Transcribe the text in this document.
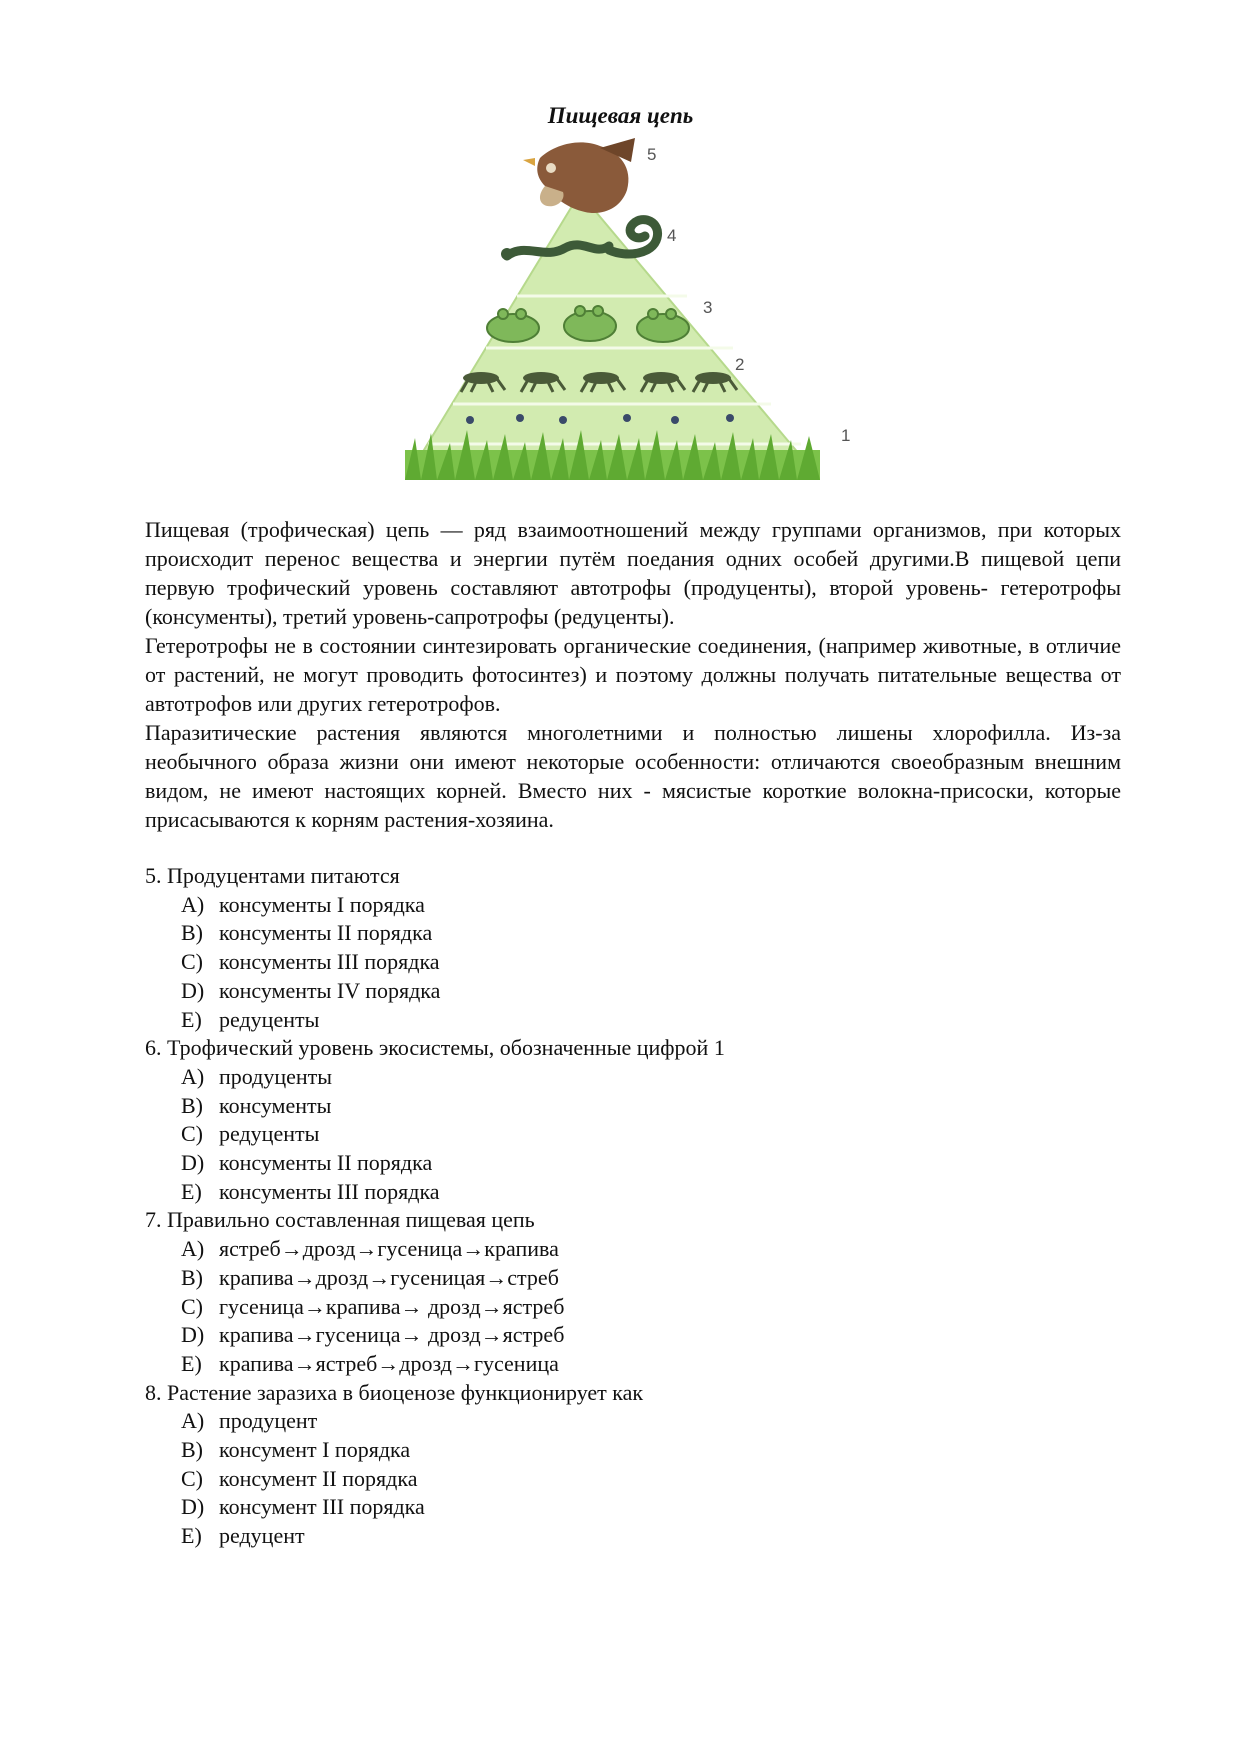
Пищевая цепь
5
4
3
2
1

Пищевая (трофическая) цепь — ряд взаимоотношений между группами организмов, при которых происходит перенос вещества и энергии путём поедания одних особей другими.В пищевой цепи первую трофический уровень составляют автотрофы (продуценты), второй уровень- гетеротрофы (консументы), третий уровень-сапротрофы (редуценты).

Гетеротрофы не в состоянии синтезировать органические соединения, (например животные, в отличие от растений, не могут проводить фотосинтез) и поэтому должны получать питательные вещества от автотрофов или других гетеротрофов.

Паразитические растения являются многолетними и полностью лишены хлорофилла. Из-за необычного образа жизни они имеют некоторые особенности: отличаются своеобразным внешним видом, не имеют настоящих корней. Вместо них - мясистые короткие волокна-присоски, которые присасываются к корням растения-хозяина.

5. Продуцентами питаются

A) консументы I порядка
B) консументы II порядка
C) консументы III порядка
D) консументы IV порядка
E) редуценты

6. Трофический уровень экосистемы, обозначенные цифрой 1

A) продуценты
B) консументы
C) редуценты
D) консументы II порядка
E) консументы III порядка

7. Правильно составленная пищевая цепь

A) ястреб→дрозд→гусеница→крапива
B) крапива→дрозд→гусеницая→стреб
C) гусеница→крапива→ дрозд→ястреб
D) крапива→гусеница→ дрозд→ястреб
E) крапива→ястреб→дрозд→гусеница

8. Растение заразиха в биоценозе функционирует как

A) продуцент
B) консумент I порядка
C) консумент II порядка
D) консумент III порядка
E) редуцент
